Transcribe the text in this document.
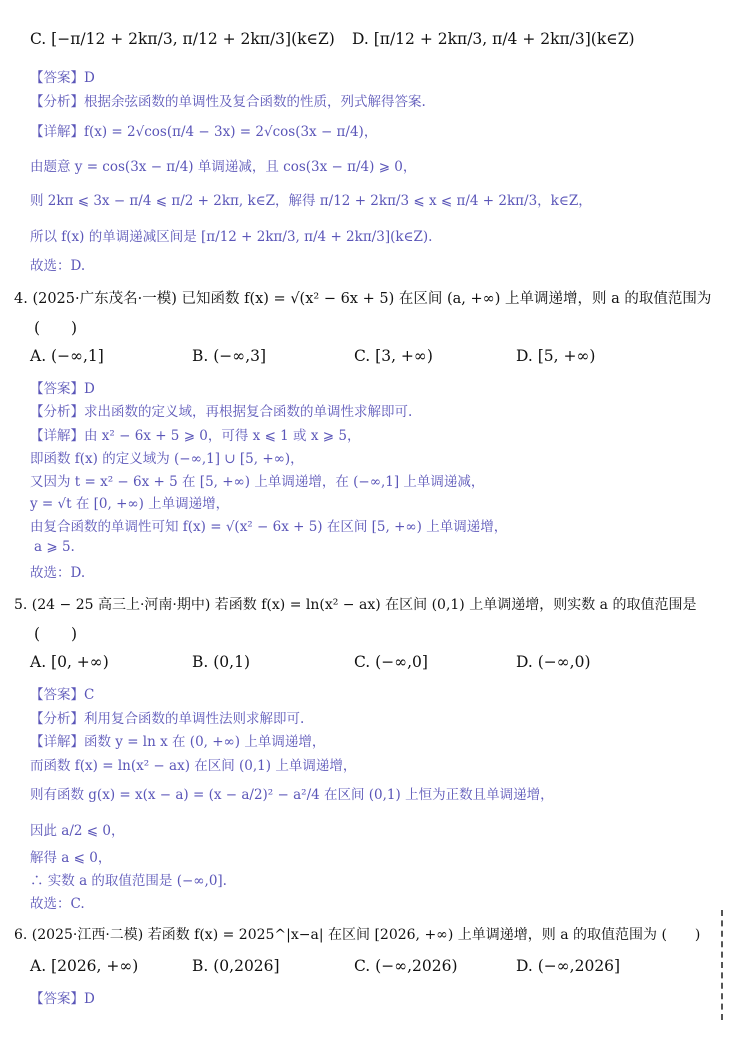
C. [−π/12 + 2kπ/3, π/12 + 2kπ/3](k∈Z) D. [π/12 + 2kπ/3, π/4 + 2kπ/3](k∈Z)
【答案】D
【分析】根据余弦函数的单调性及复合函数的性质，列式解得答案.
【详解】f(x) = 2√cos(π/4 − 3x) = 2√cos(3x − π/4)，
由题意 y = cos(3x − π/4) 单调递减，且 cos(3x − π/4) ⩾ 0，
则 2kπ ⩽ 3x − π/4 ⩽ π/2 + 2kπ, k∈Z，解得 π/12 + 2kπ/3 ⩽ x ⩽ π/4 + 2kπ/3，k∈Z，
所以 f(x) 的单调递减区间是 [π/12 + 2kπ/3, π/4 + 2kπ/3](k∈Z).
故选：D.
4. (2025·广东茂名·一模) 已知函数 f(x) = √(x² − 6x + 5) 在区间 (a, +∞) 上单调递增，则 a 的取值范围为
(　　)
A. (−∞,1]	B. (−∞,3]	C. [3, +∞)	D. [5, +∞)
【答案】D
【分析】求出函数的定义域，再根据复合函数的单调性求解即可.
【详解】由 x² − 6x + 5 ⩾ 0，可得 x ⩽ 1 或 x ⩾ 5，
即函数 f(x) 的定义域为 (−∞,1] ∪ [5, +∞)，
又因为 t = x² − 6x + 5 在 [5, +∞) 上单调递增，在 (−∞,1] 上单调递减，
y = √t 在 [0, +∞) 上单调递增，
由复合函数的单调性可知 f(x) = √(x² − 6x + 5) 在区间 [5, +∞) 上单调递增，
a ⩾ 5.
故选：D.
5. (24 − 25 高三上·河南·期中) 若函数 f(x) = ln(x² − ax) 在区间 (0,1) 上单调递增，则实数 a 的取值范围是
(　　)
A. [0, +∞)	B. (0,1)	C. (−∞,0]	D. (−∞,0)
【答案】C
【分析】利用复合函数的单调性法则求解即可.
【详解】函数 y = ln x 在 (0, +∞) 上单调递增，
而函数 f(x) = ln(x² − ax) 在区间 (0,1) 上单调递增，
则有函数 g(x) = x(x − a) = (x − a/2)² − a²/4 在区间 (0,1) 上恒为正数且单调递增，
因此 a/2 ⩽ 0，
解得 a ⩽ 0，
∴ 实数 a 的取值范围是 (−∞,0].
故选：C.
6. (2025·江西·二模) 若函数 f(x) = 2025^|x−a| 在区间 [2026, +∞) 上单调递增，则 a 的取值范围为 (　　)
A. [2026, +∞)	B. (0,2026]	C. (−∞,2026)	D. (−∞,2026]
【答案】D
